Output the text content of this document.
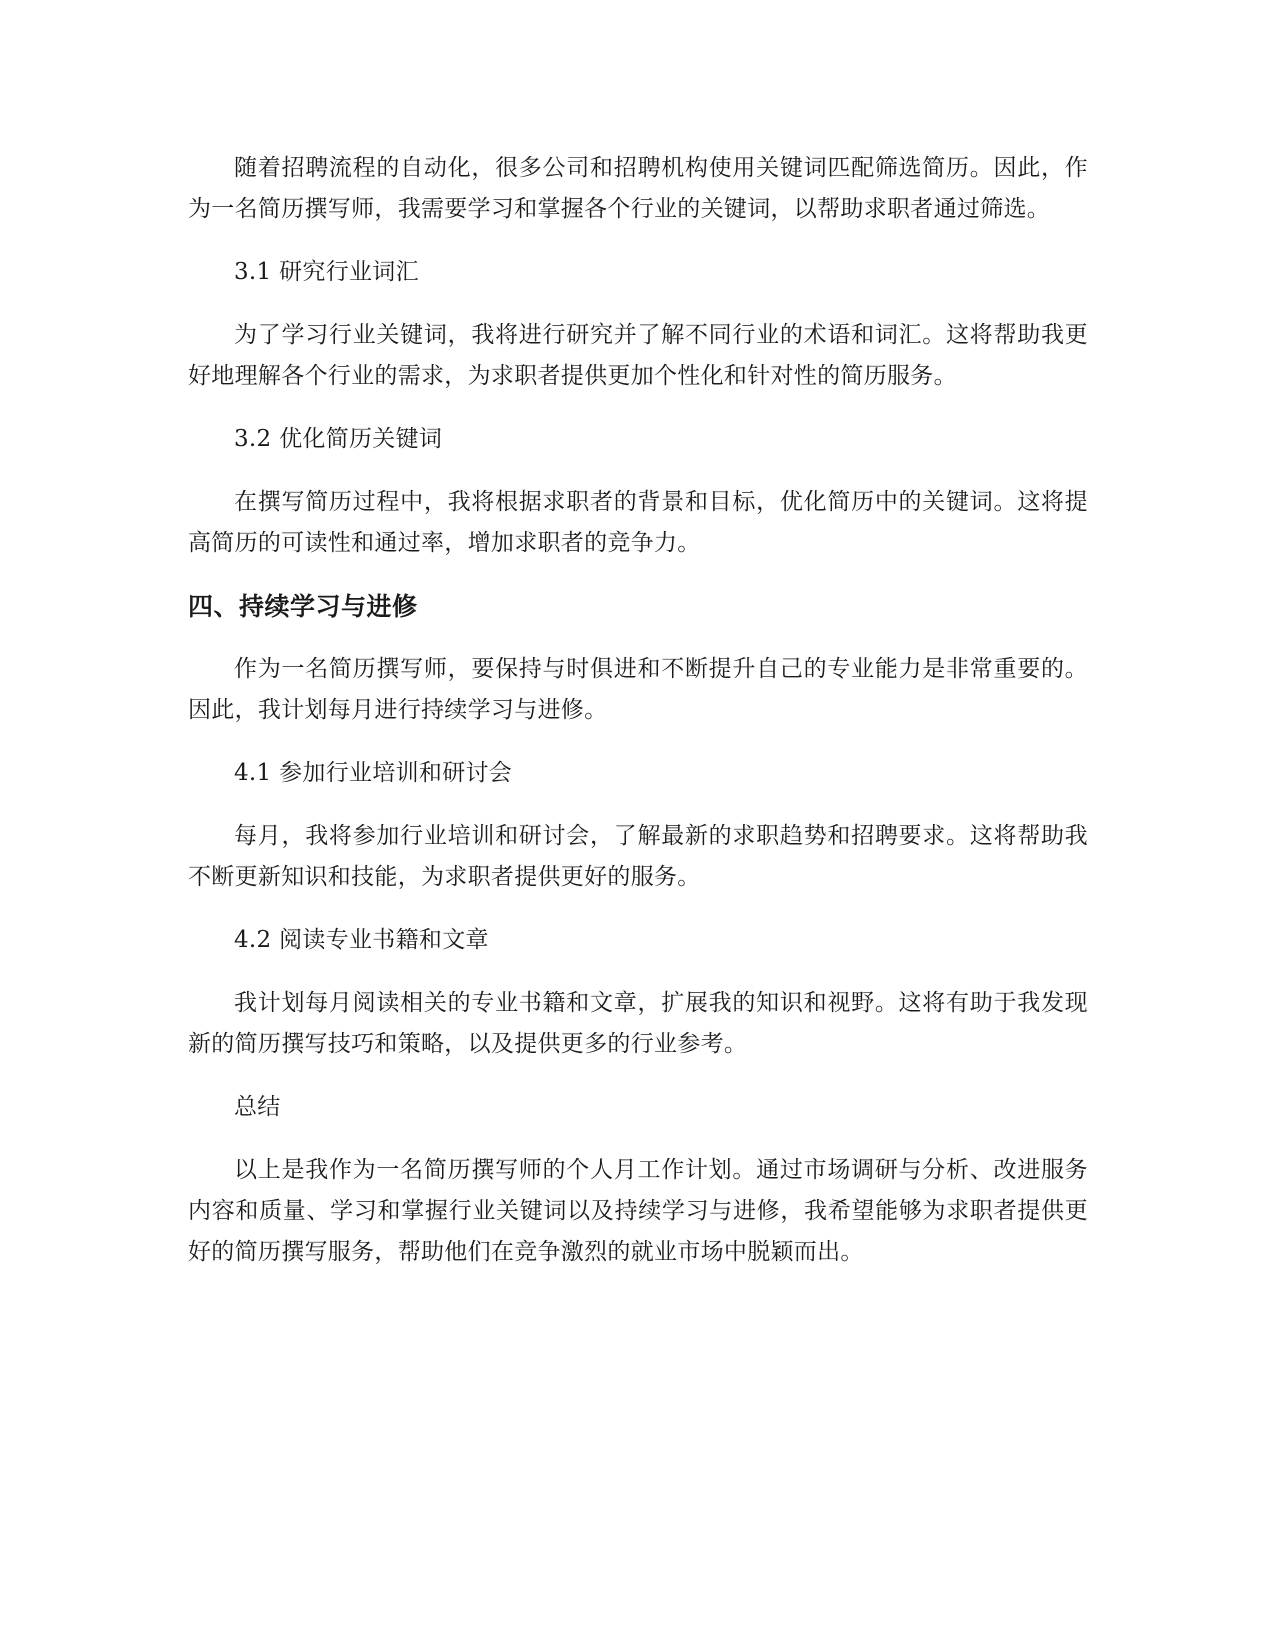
随着招聘流程的自动化，很多公司和招聘机构使用关键词匹配筛选简历。因此，作为一名简历撰写师，我需要学习和掌握各个行业的关键词，以帮助求职者通过筛选。

3.1 研究行业词汇

为了学习行业关键词，我将进行研究并了解不同行业的术语和词汇。这将帮助我更好地理解各个行业的需求，为求职者提供更加个性化和针对性的简历服务。

3.2 优化简历关键词

在撰写简历过程中，我将根据求职者的背景和目标，优化简历中的关键词。这将提高简历的可读性和通过率，增加求职者的竞争力。

四、持续学习与进修

作为一名简历撰写师，要保持与时俱进和不断提升自己的专业能力是非常重要的。因此，我计划每月进行持续学习与进修。

4.1 参加行业培训和研讨会

每月，我将参加行业培训和研讨会，了解最新的求职趋势和招聘要求。这将帮助我不断更新知识和技能，为求职者提供更好的服务。

4.2 阅读专业书籍和文章

我计划每月阅读相关的专业书籍和文章，扩展我的知识和视野。这将有助于我发现新的简历撰写技巧和策略，以及提供更多的行业参考。

总结

以上是我作为一名简历撰写师的个人月工作计划。通过市场调研与分析、改进服务内容和质量、学习和掌握行业关键词以及持续学习与进修，我希望能够为求职者提供更好的简历撰写服务，帮助他们在竞争激烈的就业市场中脱颖而出。
